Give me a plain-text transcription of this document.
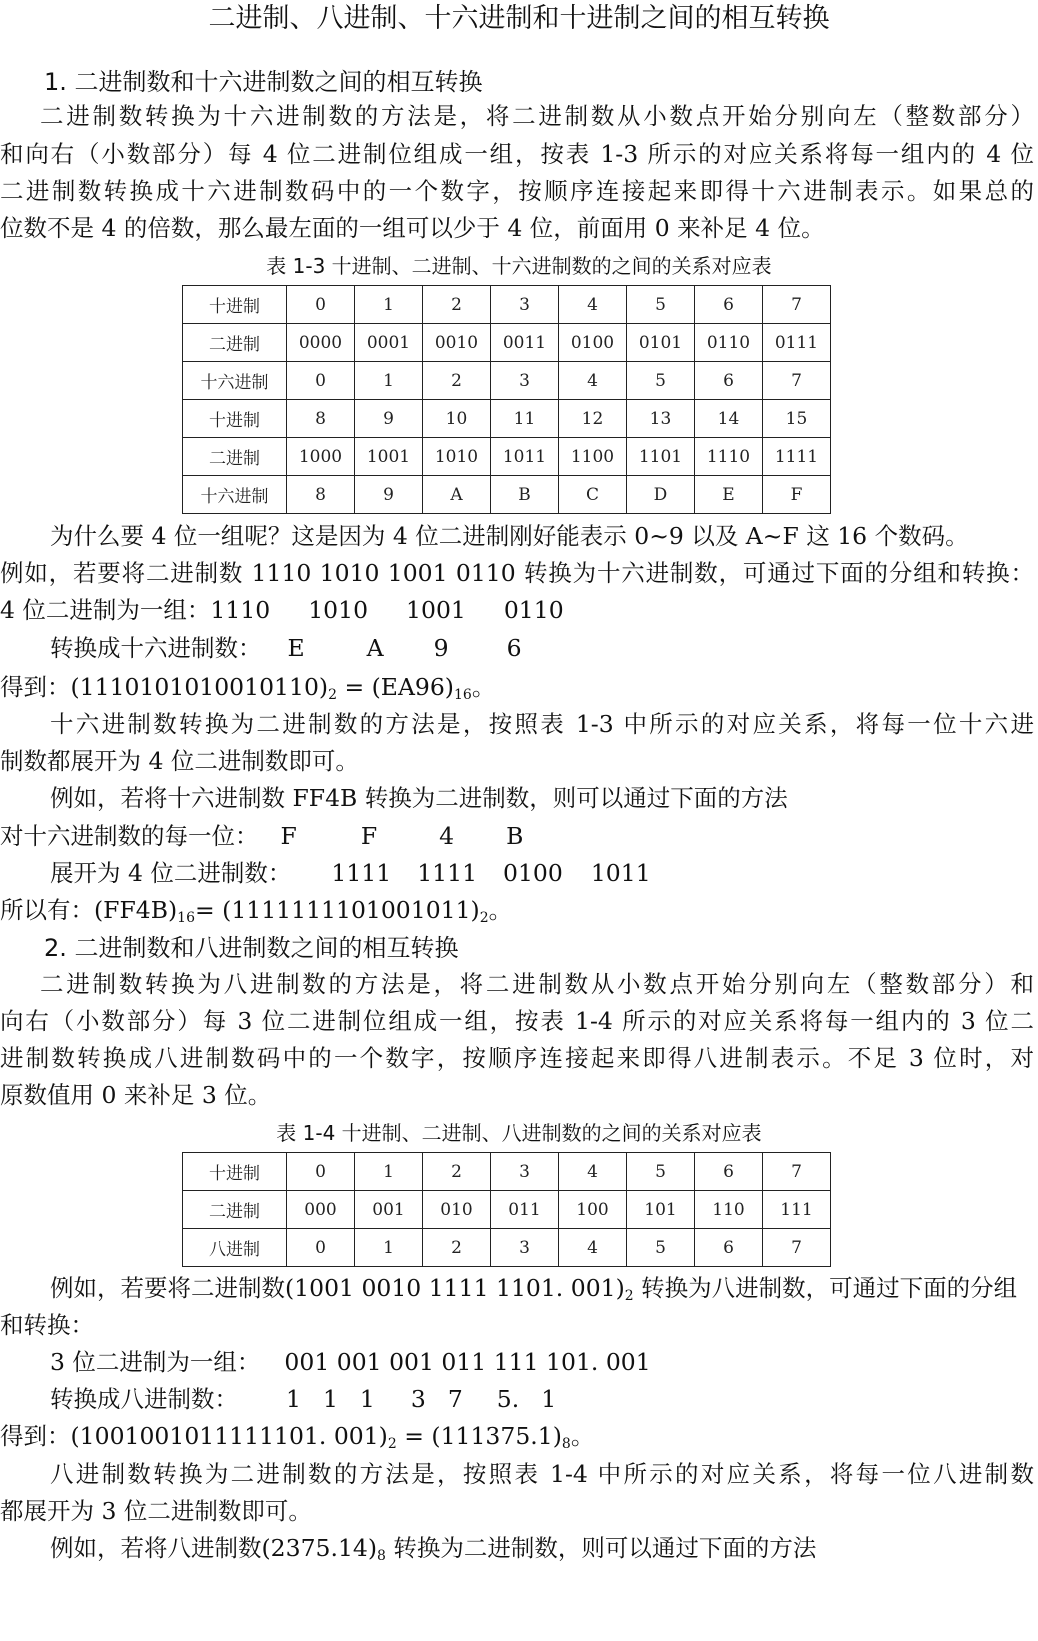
二进制、八进制、十六进制和十进制之间的相互转换
1. 二进制数和十六进制数之间的相互转换
二进制数转换为十六进制数的方法是，将二进制数从小数点开始分别向左（整数部分）
和向右（小数部分）每 4 位二进制位组成一组，按表 1-3 所示的对应关系将每一组内的 4 位
二进制数转换成十六进制数码中的一个数字，按顺序连接起来即得十六进制表示。如果总的
位数不是 4 的倍数，那么最左面的一组可以少于 4 位，前面用 0 来补足 4 位。
表 1-3 十进制、二进制、十六进制数的之间的关系对应表
十进制	0	1	2	3	4	5	6	7
二进制	0000	0001	0010	0011	0100	0101	0110	0111
十六进制	0	1	2	3	4	5	6	7
十进制	8	9	10	11	12	13	14	15
二进制	1000	1001	1010	1011	1100	1101	1110	1111
十六进制	8	9	A	B	C	D	E	F
为什么要 4 位一组呢？这是因为 4 位二进制刚好能表示 0~9 以及 A~F 这 16 个数码。
例如，若要将二进制数 1110 1010 1001 0110 转换为十六进制数，可通过下面的分组和转换：
4 位二进制为一组：1110 1010 1001 0110
转换成十六进制数： E	A 9 6
得到：$(1110101010010110)_2 = (EA96)_{16}$。
十六进制数转换为二进制数的方法是，按照表 1-3 中所示的对应关系，将每一位十六进
制数都展开为 4 位二进制数即可。
例如，若将十六进制数 FF4B 转换为二进制数，则可以通过下面的方法
对十六进制数的每一位： F	F	4 B
展开为 4 位二进制数： 1111 1111 0100 1011
所以有：$(FF4B)_{16}= (1111111101001011)_2$。
2. 二进制数和八进制数之间的相互转换
二进制数转换为八进制数的方法是，将二进制数从小数点开始分别向左（整数部分）和
向右（小数部分）每 3 位二进制位组成一组，按表 1-4 所示的对应关系将每一组内的 3 位二
进制数转换成八进制数码中的一个数字，按顺序连接起来即得八进制表示。不足 3 位时，对
原数值用 0 来补足 3 位。
表 1-4 十进制、二进制、八进制数的之间的关系对应表
十进制	0	1	2	3	4	5	6	7
二进制	000	001	010	011	100	101	110	111
八进制	0	1	2	3	4	5	6	7
例如，若要将二进制数(1001 0010 1111 1101. $001)_2$ 转换为八进制数，可通过下面的分组
和转换：
3 位二进制为一组： 001 001 001 011 111 101. 001
转换成八进制数： 1 1 1 3 7 5. 1
得到：(1001001011111101. $001)_2 = (111375.1)_8$。
八进制数转换为二进制数的方法是，按照表 1-4 中所示的对应关系，将每一位八进制数
都展开为 3 位二进制数即可。
例如，若将八进制数$(2375.14)_8$ 转换为二进制数，则可以通过下面的方法
